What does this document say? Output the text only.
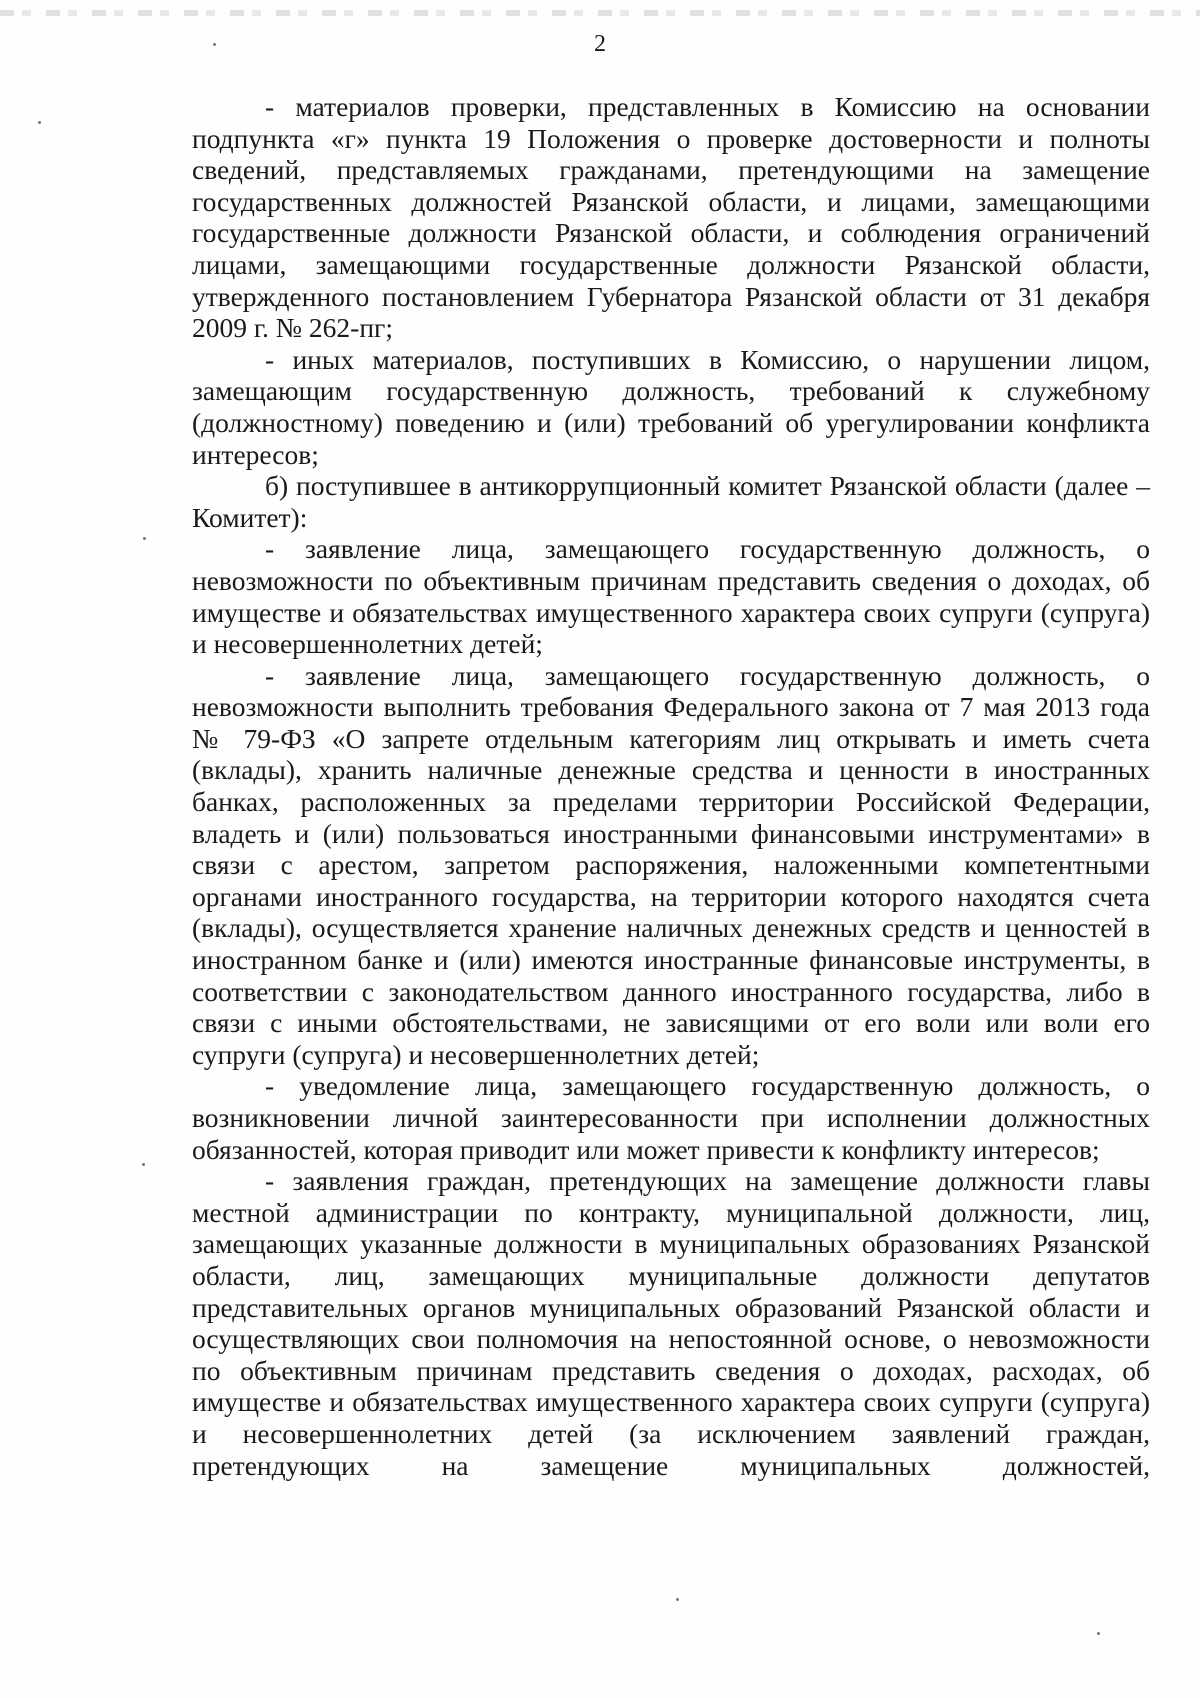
2

- материалов проверки, представленных в Комиссию на основании подпункта «г» пункта 19 Положения о проверке достоверности и полноты сведений, представляемых гражданами, претендующими на замещение государственных должностей Рязанской области, и лицами, замещающими государственные должности Рязанской области, и соблюдения ограничений лицами, замещающими государственные должности Рязанской области, утвержденного постановлением Губернатора Рязанской области от 31 декабря 2009 г. № 262-пг;

- иных материалов, поступивших в Комиссию, о нарушении лицом, замещающим государственную должность, требований к служебному (должностному) поведению и (или) требований об урегулировании конфликта интересов;

б) поступившее в антикоррупционный комитет Рязанской области (далее – Комитет):

- заявление лица, замещающего государственную должность, о невозможности по объективным причинам представить сведения о доходах, об имуществе и обязательствах имущественного характера своих супруги (супруга) и несовершеннолетних детей;

- заявление лица, замещающего государственную должность, о невозможности выполнить требования Федерального закона от 7 мая 2013 года № 79-ФЗ «О запрете отдельным категориям лиц открывать и иметь счета (вклады), хранить наличные денежные средства и ценности в иностранных банках, расположенных за пределами территории Российской Федерации, владеть и (или) пользоваться иностранными финансовыми инструментами» в связи с арестом, запретом распоряжения, наложенными компетентными органами иностранного государства, на территории которого находятся счета (вклады), осуществляется хранение наличных денежных средств и ценностей в иностранном банке и (или) имеются иностранные финансовые инструменты, в соответствии с законодательством данного иностранного государства, либо в связи с иными обстоятельствами, не зависящими от его воли или воли его супруги (супруга) и несовершеннолетних детей;

- уведомление лица, замещающего государственную должность, о возникновении личной заинтересованности при исполнении должностных обязанностей, которая приводит или может привести к конфликту интересов;

- заявления граждан, претендующих на замещение должности главы местной администрации по контракту, муниципальной должности, лиц, замещающих указанные должности в муниципальных образованиях Рязанской области, лиц, замещающих муниципальные должности депутатов представительных органов муниципальных образований Рязанской области и осуществляющих свои полномочия на непостоянной основе, о невозможности по объективным причинам представить сведения о доходах, расходах, об имуществе и обязательствах имущественного характера своих супруги (супруга) и несовершеннолетних детей (за исключением заявлений граждан, претендующих на замещение муниципальных должностей,
